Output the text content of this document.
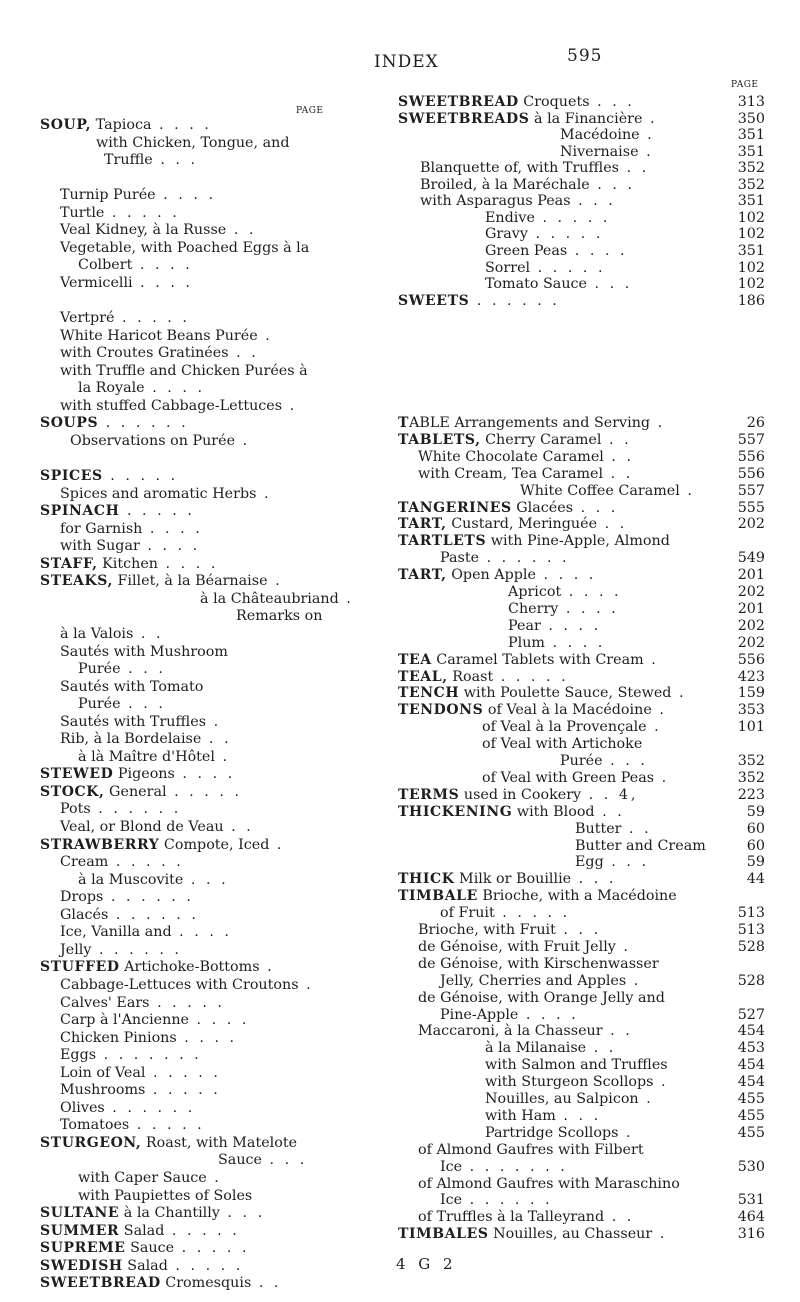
INDEX	595
PAGE
PAGE
SOUP, Tapioca . . . .
with Chicken, Tongue, and
Truffle . . .
Turnip Purée . . . .
Turtle . . . . .
Veal Kidney, à la Russe . .
Vegetable, with Poached Eggs à la
Colbert . . . .
Vermicelli . . . .
Vertpré . . . . .
White Haricot Beans Purée .
with Croutes Gratinées . .
with Truffle and Chicken Purées à
la Royale . . . .
with stuffed Cabbage-Lettuces .
SOUPS . . . . . .
Observations on Purée .
SPICES . . . . .
Spices and aromatic Herbs .
SPINACH . . . . .
for Garnish . . . .
with Sugar . . . .
STAFF, Kitchen . . . .
STEAKS, Fillet, à la Béarnaise .
à la Châteaubriand .
Remarks on
à la Valois . .
Sautés with Mushroom
Purée . . .
Sautés with Tomato
Purée . . .
Sautés with Truffles .
Rib, à la Bordelaise . .
à là Maître d'Hôtel .
STEWED Pigeons . . . .
STOCK, General . . . . .
Pots . . . . . .
Veal, or Blond de Veau . .
STRAWBERRY Compote, Iced .
Cream . . . . .
à la Muscovite . . .
Drops . . . . . .
Glacés . . . . . .
Ice, Vanilla and . . . .
Jelly . . . . . .
STUFFED Artichoke-Bottoms .
Cabbage-Lettuces with Croutons .
Calves' Ears . . . . .
Carp à l'Ancienne . . . .
Chicken Pinions . . . .
Eggs . . . . . . .
Loin of Veal . . . . .
Mushrooms . . . . .
Olives . . . . . .
Tomatoes . . . . .
STURGEON, Roast, with Matelote
Sauce . . .
with Caper Sauce .
with Paupiettes of Soles
SULTANE à la Chantilly . . .
SUMMER Salad . . . . .
SUPREME Sauce . . . . .
SWEDISH Salad . . . . .
SWEETBREAD Cromesquis . .
SWEETBREAD Croquets . . .	313
SWEETBREADS à la Financière .	350
Macédoine .	351
Nivernaise .	351
Blanquette of, with Truffles . .	352
Broiled, à la Maréchale . . .	352
with Asparagus Peas . . .	351
Endive . . . . .	102
Gravy . . . . .	102
Green Peas . . . .	351
Sorrel . . . . .	102
Tomato Sauce . . .	102
SWEETS . . . . . .	186
TABLE Arrangements and Serving .	26
TABLETS, Cherry Caramel . .	557
White Chocolate Caramel . .	556
with Cream, Tea Caramel . .	556
White Coffee Caramel .	557
TANGERINES Glacées . . .	555
TART, Custard, Meringuée . .	202
TARTLETS with Pine-Apple, Almond
Paste . . . . . .	549
TART, Open Apple . . . .	201
Apricot . . . .	202
Cherry . . . .	201
Pear . . . .	202
Plum . . . .	202
TEA Caramel Tablets with Cream .	556
TEAL, Roast . . . . .	423
TENCH with Poulette Sauce, Stewed .	159
TENDONS of Veal à la Macédoine .	353
of Veal à la Provençale .	101
of Veal with Artichoke
Purée . . .	352
of Veal with Green Peas .	352
TERMS used in Cookery . . 4,	223
THICKENING with Blood . .	59
Butter . .	60
Butter and Cream	60
Egg . . .	59
THICK Milk or Bouillie . . .	44
TIMBALE Brioche, with a Macédoine
of Fruit . . . . .	513
Brioche, with Fruit . . .	513
de Génoise, with Fruit Jelly .	528
de Génoise, with Kirschenwasser
Jelly, Cherries and Apples .	528
de Génoise, with Orange Jelly and
Pine-Apple . . . .	527
Maccaroni, à la Chasseur . .	454
à la Milanaise . .	453
with Salmon and Truffles	454
with Sturgeon Scollops .	454
Nouilles, au Salpicon .	455
with Ham . . .	455
Partridge Scollops .	455
of Almond Gaufres with Filbert
Ice . . . . . . .	530
of Almond Gaufres with Maraschino
Ice . . . . . .	531
of Truffles à la Talleyrand . .	464
TIMBALES Nouilles, au Chasseur .	316
4 G 2
